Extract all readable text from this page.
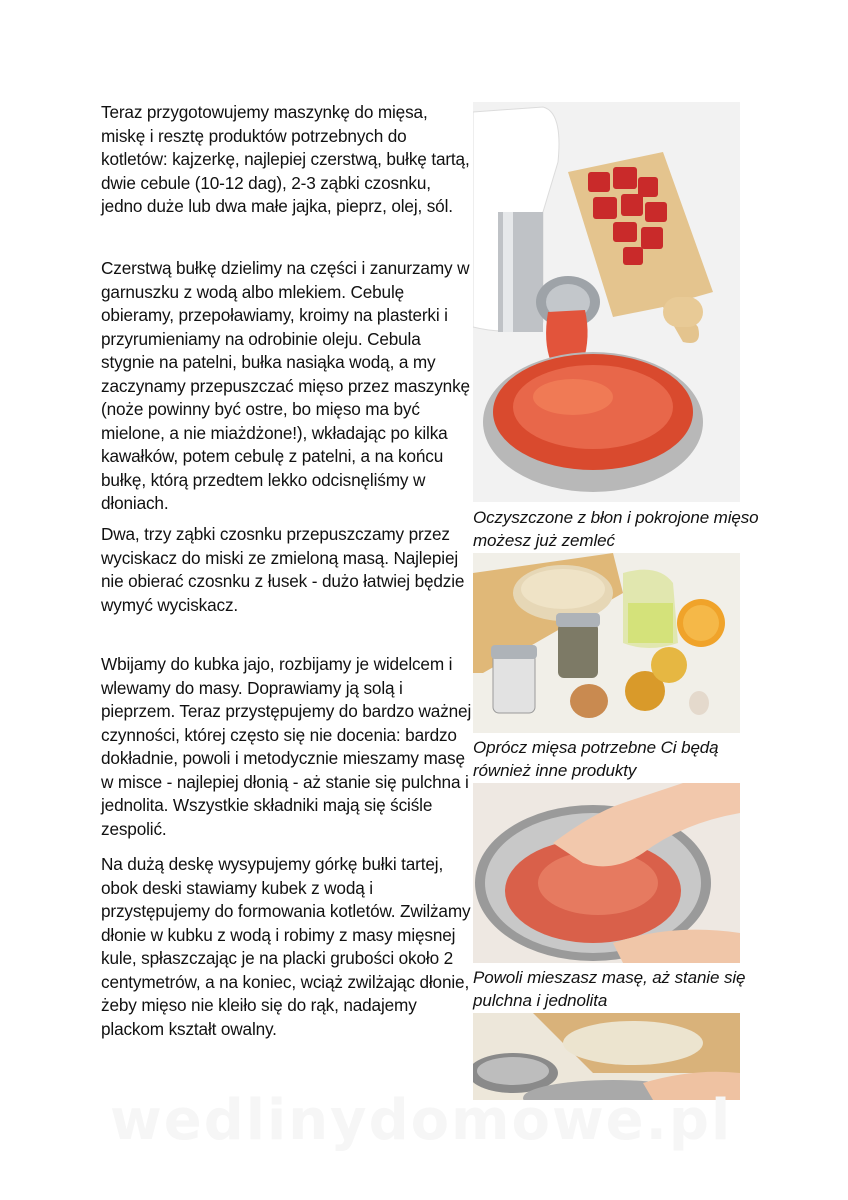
Teraz przygotowujemy maszynkę do mięsa, miskę i resztę produktów potrzebnych do kotletów: kajzerkę, najlepiej czerstwą, bułkę tartą, dwie cebule (10-12 dag), 2-3 ząbki czosnku, jedno duże lub dwa małe jajka, pieprz, olej, sól.

Czerstwą bułkę dzielimy na części i zanurzamy w garnuszku z wodą albo mlekiem. Cebulę obieramy, przepoławiamy, kroimy na plasterki i przyrumieniamy na odrobinie oleju. Cebula stygnie na patelni, bułka nasiąka wodą, a my zaczynamy przepuszczać mięso przez maszynkę (noże powinny być ostre, bo mięso ma być mielone, a nie miażdżone!), wkładając po kilka kawałków, potem cebulę z patelni, a na końcu bułkę, którą przedtem lekko odcisnęliśmy w dłoniach.

Dwa, trzy ząbki czosnku przepuszczamy przez wyciskacz do miski ze zmieloną masą. Najlepiej nie obierać czosnku z łusek - dużo łatwiej będzie wymyć wyciskacz.

Wbijamy do kubka jajo, rozbijamy je widelcem i wlewamy do masy. Doprawiamy ją solą i pieprzem. Teraz przystępujemy do bardzo ważnej czynności, której często się nie docenia: bardzo dokładnie, powoli i metodycznie mieszamy masę w misce - najlepiej dłonią - aż stanie się pulchna i jednolita. Wszystkie składniki mają się ściśle zespolić.

Na dużą deskę wysypujemy górkę bułki tartej, obok deski stawiamy kubek z wodą i przystępujemy do formowania kotletów. Zwilżamy dłonie w kubku z wodą i robimy z masy mięsnej kule, spłaszczając je na placki grubości około 2 centymetrów, a na koniec, wciąż zwilżając dłonie, żeby mięso nie kleiło się do rąk, nadajemy plackom kształt owalny.

Oczyszczone z błon i pokrojone mięso możesz już zemleć

Oprócz mięsa potrzebne Ci będą również inne produkty

Powoli mieszasz masę, aż stanie się pulchna i jednolita

wedlinydomowe.pl
